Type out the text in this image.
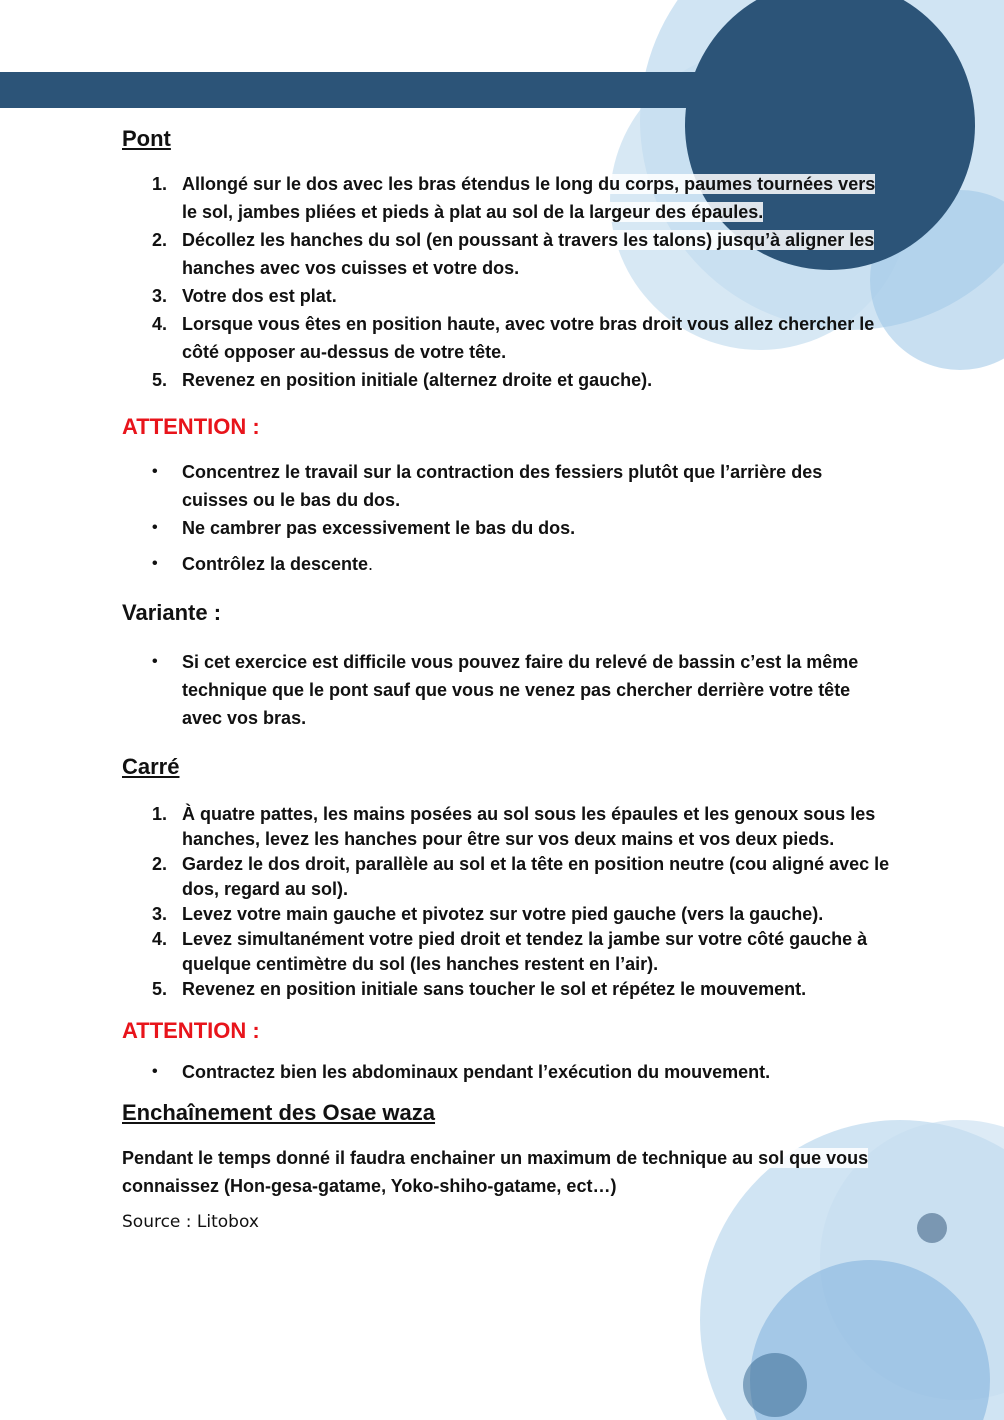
Pont
1. Allongé sur le dos avec les bras étendus le long du corps, paumes tournées vers le sol, jambes pliées et pieds à plat au sol de la largeur des épaules.
2. Décollez les hanches du sol (en poussant à travers les talons) jusqu’à aligner les hanches avec vos cuisses et votre dos.
3. Votre dos est plat.
4. Lorsque vous êtes en position haute, avec votre bras droit vous allez chercher le côté opposer au-dessus de votre tête.
5. Revenez en position initiale (alternez droite et gauche).
ATTENTION :
• Concentrez le travail sur la contraction des fessiers plutôt que l’arrière des cuisses ou le bas du dos.
• Ne cambrer pas excessivement le bas du dos.
• Contrôlez la descente.
Variante :
• Si cet exercice est difficile vous pouvez faire du relevé de bassin c’est la même technique que le pont sauf que vous ne venez pas chercher derrière votre tête avec vos bras.
Carré
1. À quatre pattes, les mains posées au sol sous les épaules et les genoux sous les hanches, levez les hanches pour être sur vos deux mains et vos deux pieds.
2. Gardez le dos droit, parallèle au sol et la tête en position neutre (cou aligné avec le dos, regard au sol).
3. Levez votre main gauche et pivotez sur votre pied gauche (vers la gauche).
4. Levez simultanément votre pied droit et tendez la jambe sur votre côté gauche à quelque centimètre du sol (les hanches restent en l’air).
5. Revenez en position initiale sans toucher le sol et répétez le mouvement.
ATTENTION :
• Contractez bien les abdominaux pendant l’exécution du mouvement.
Enchaînement des Osae waza

Pendant le temps donné il faudra enchainer un maximum de technique au sol que vous connaissez (Hon-gesa-gatame, Yoko-shiho-gatame, ect…)

Source : Litobox
